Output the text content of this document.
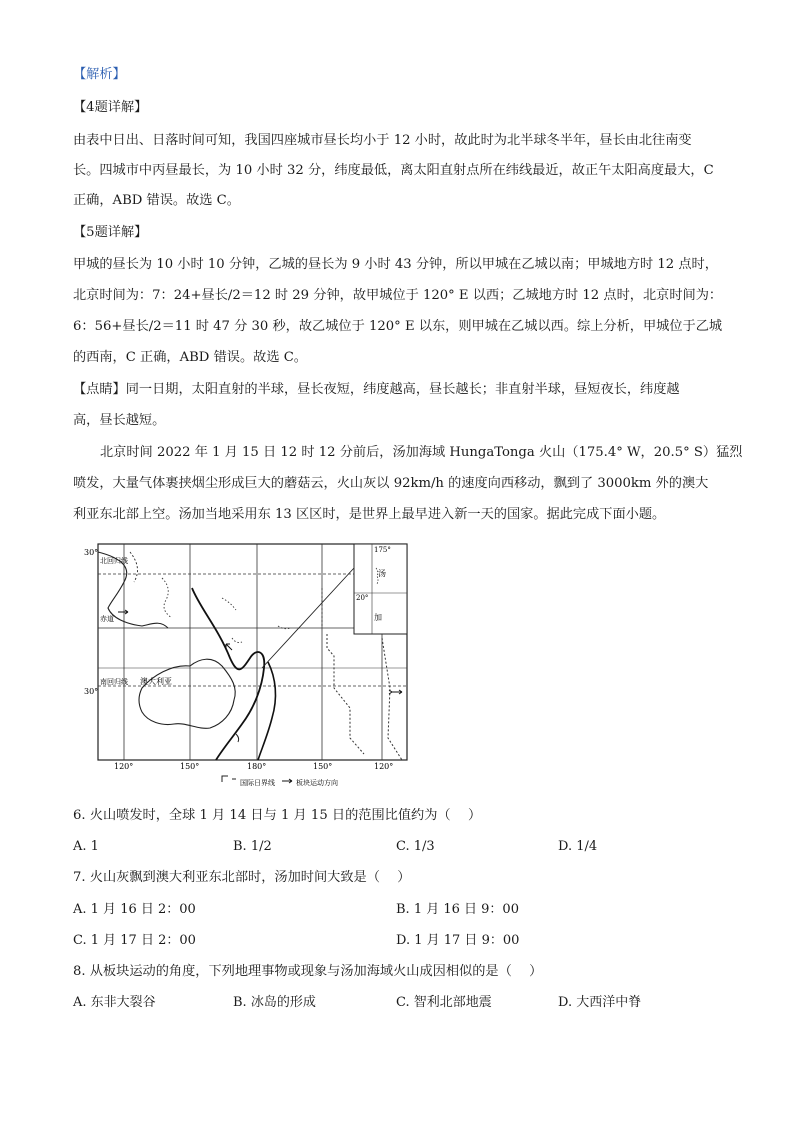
【解析】
【4题详解】
由表中日出、日落时间可知，我国四座城市昼长均小于 12 小时，故此时为北半球冬半年，昼长由北往南变
长。四城市中丙昼最长，为 10 小时 32 分，纬度最低，离太阳直射点所在纬线最近，故正午太阳高度最大，C
正确，ABD 错误。故选 C。
【5题详解】
甲城的昼长为 10 小时 10 分钟，乙城的昼长为 9 小时 43 分钟，所以甲城在乙城以南；甲城地方时 12 点时，
北京时间为：7：24+昼长/2＝12 时 29 分钟，故甲城位于 120° E 以西；乙城地方时 12 点时，北京时间为：
6：56+昼长/2＝11 时 47 分 30 秒，故乙城位于 120° E 以东，则甲城在乙城以西。综上分析，甲城位于乙城
的西南，C 正确，ABD 错误。故选 C。
【点睛】同一日期，太阳直射的半球，昼长夜短，纬度越高，昼长越长；非直射半球，昼短夜长，纬度越
高，昼长越短。
北京时间 2022 年 1 月 15 日 12 时 12 分前后，汤加海域 HungaTonga 火山（175.4° W，20.5° S）猛烈
喷发，大量气体裹挟烟尘形成巨大的蘑菇云，火山灰以 92km/h 的速度向西移动，飘到了 3000km 外的澳大
利亚东北部上空。汤加当地采用东 13 区区时，是世界上最早进入新一天的国家。据此完成下面小题。
30°
30°
北回归线
赤道
南回归线 澳大利亚
120°	150°	180°	150°	120°
175°
20°
汤
加
国际日界线	板块运动方向
6. 火山喷发时，全球 1 月 14 日与 1 月 15 日的范围比值约为（　 ）
A. 1	B. 1/2	C. 1/3	D. 1/4
7. 火山灰飘到澳大利亚东北部时，汤加时间大致是（　 ）
A. 1 月 16 日 2：00	B. 1 月 16 日 9：00
C. 1 月 17 日 2：00	D. 1 月 17 日 9：00
8. 从板块运动的角度，下列地理事物或现象与汤加海域火山成因相似的是（　 ）
A. 东非大裂谷	B. 冰岛的形成	C. 智利北部地震	D. 大西洋中脊
